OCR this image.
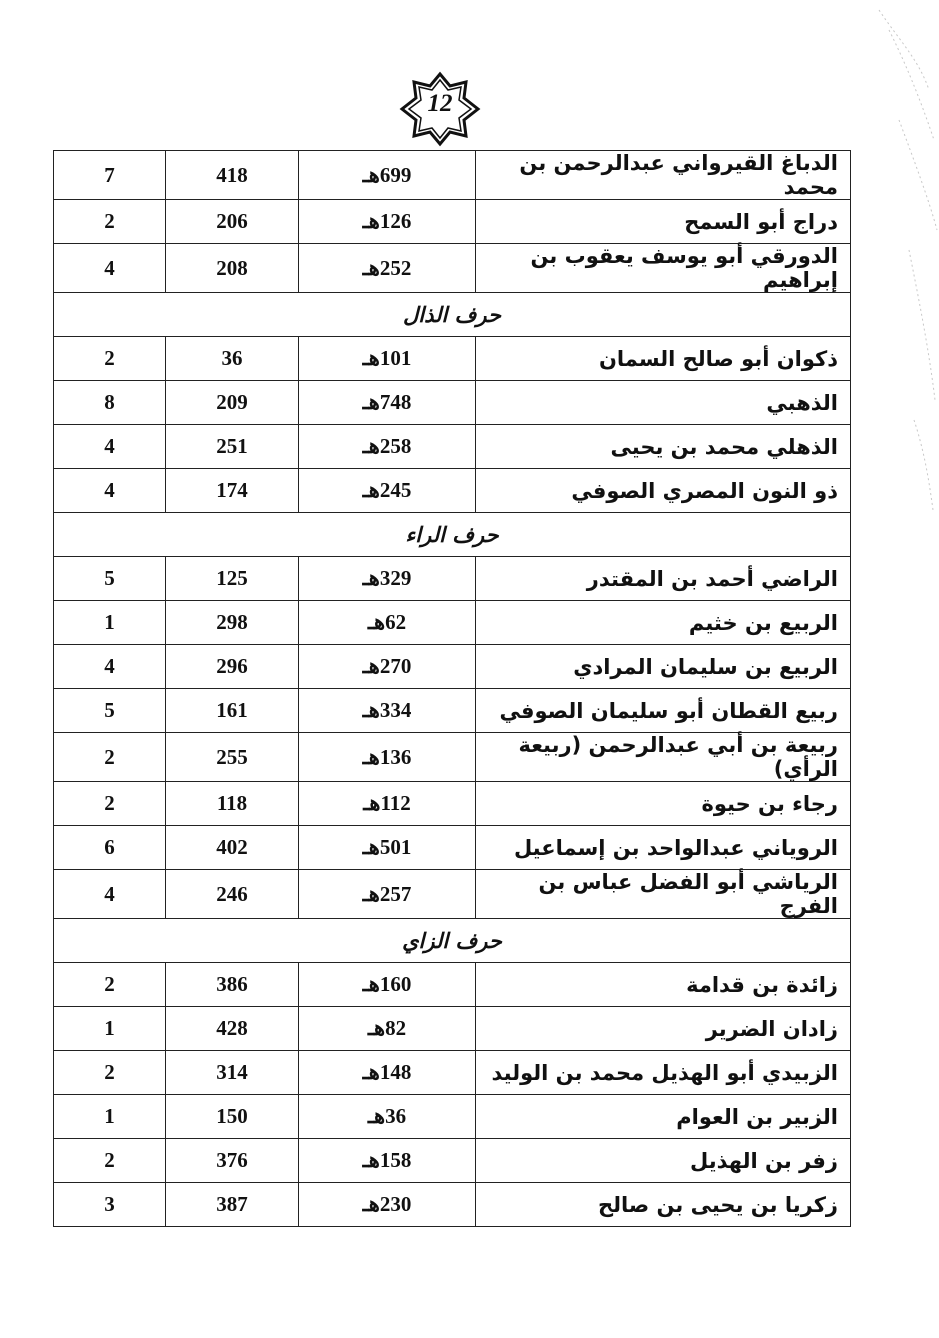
12
الدباغ القيرواني عبدالرحمن بن محمد	699هـ	418	7
دراج أبو السمح	126هـ	206	2
الدورقي أبو يوسف يعقوب بن إبراهيم	252هـ	208	4
حرف الذال			
ذكوان أبو صالح السمان	101هـ	36	2
الذهبي	748هـ	209	8
الذهلي محمد بن يحيى	258هـ	251	4
ذو النون المصري الصوفي	245هـ	174	4
حرف الراء			
الراضي أحمد بن المقتدر	329هـ	125	5
الربيع بن خثيم	62هـ	298	1
الربيع بن سليمان المرادي	270هـ	296	4
ربيع القطان أبو سليمان الصوفي	334هـ	161	5
ربيعة بن أبي عبدالرحمن (ربيعة الرأي)	136هـ	255	2
رجاء بن حيوة	112هـ	118	2
الروياني عبدالواحد بن إسماعيل	501هـ	402	6
الرياشي أبو الفضل عباس بن الفرج	257هـ	246	4
حرف الزاي			
زائدة بن قدامة	160هـ	386	2
زادان الضرير	82هـ	428	1
الزبيدي أبو الهذيل محمد بن الوليد	148هـ	314	2
الزبير بن العوام	36هـ	150	1
زفر بن الهذيل	158هـ	376	2
زكريا بن يحيى بن صالح	230هـ	387	3
